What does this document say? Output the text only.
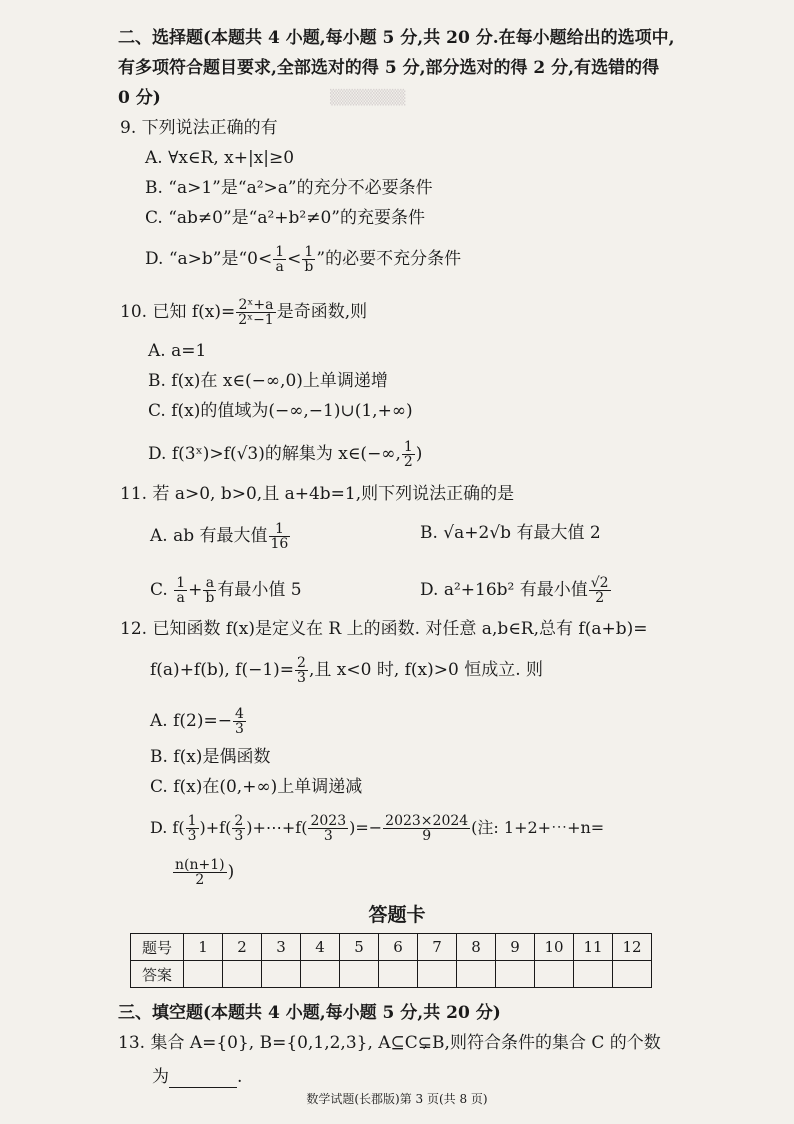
▒▒▒▒▒▒▒
二、选择题(本题共 4 小题,每小题 5 分,共 20 分.在每小题给出的选项中,
有多项符合题目要求,全部选对的得 5 分,部分选对的得 2 分,有选错的得
0 分)
9. 下列说法正确的有
A. ∀x∈R, x+|x|≥0
B. “a>1”是“a²>a”的充分不必要条件
C. “ab≠0”是“a²+b²≠0”的充要条件
D. “a>b”是“$0< \frac{1}{a} < \frac{1}{b}$ ”的必要不充分条件
10. 已知 $f(x)= \frac{\text{2ˣ+a}}{\text{2ˣ−1}}$ 是奇函数,则
A. a=1
B. f(x)在 x∈(−∞,0)上单调递增
C. f(x)的值域为(−∞,−1)∪(1,+∞)
D. f(3ˣ)>f(√3)的解集为 x∈(−∞, $\frac{1}{2}$ )
11. 若 a>0, b>0,且 a+4b=1,则下列说法正确的是
A. ab 有最大值 $\frac{1}{16}$	B. √a+2√b 有最大值 2
C. $\frac{1}{a} + \frac{a}{b}$ 有最小值 5	D. a²+16b² 有最小值 $\frac{√2}{2}$
12. 已知函数 f(x)是定义在 R 上的函数. 对任意 a,b∈R,总有 f(a+b)=
f(a)+f(b), $f(-1)= \frac{2}{3}$ ,且 x<0 时, f(x)>0 恒成立. 则
A. $f(2)=- \frac{4}{3}$
B. f(x)是偶函数
C. f(x)在(0,+∞)上单调递减
D. $f( \frac{1}{3} )+f( \frac{2}{3}$ )+⋯+f( $\frac{2023}{3}$ )=− $\frac{2023\times 2024}{9}$ (注: 1+2+⋯+n=
$\frac{n(n+1)}{2}$ )
答题卡
题号	1	2	3	4	5	6	7	8	9	10	11	12
答案												
三、填空题(本题共 4 小题,每小题 5 分,共 20 分)
13. 集合 A={0}, B={0,1,2,3}, A⊆C⊊B,则符合条件的集合 C 的个数
为	.
数学试题(长郡版)第 3 页(共 8 页)
